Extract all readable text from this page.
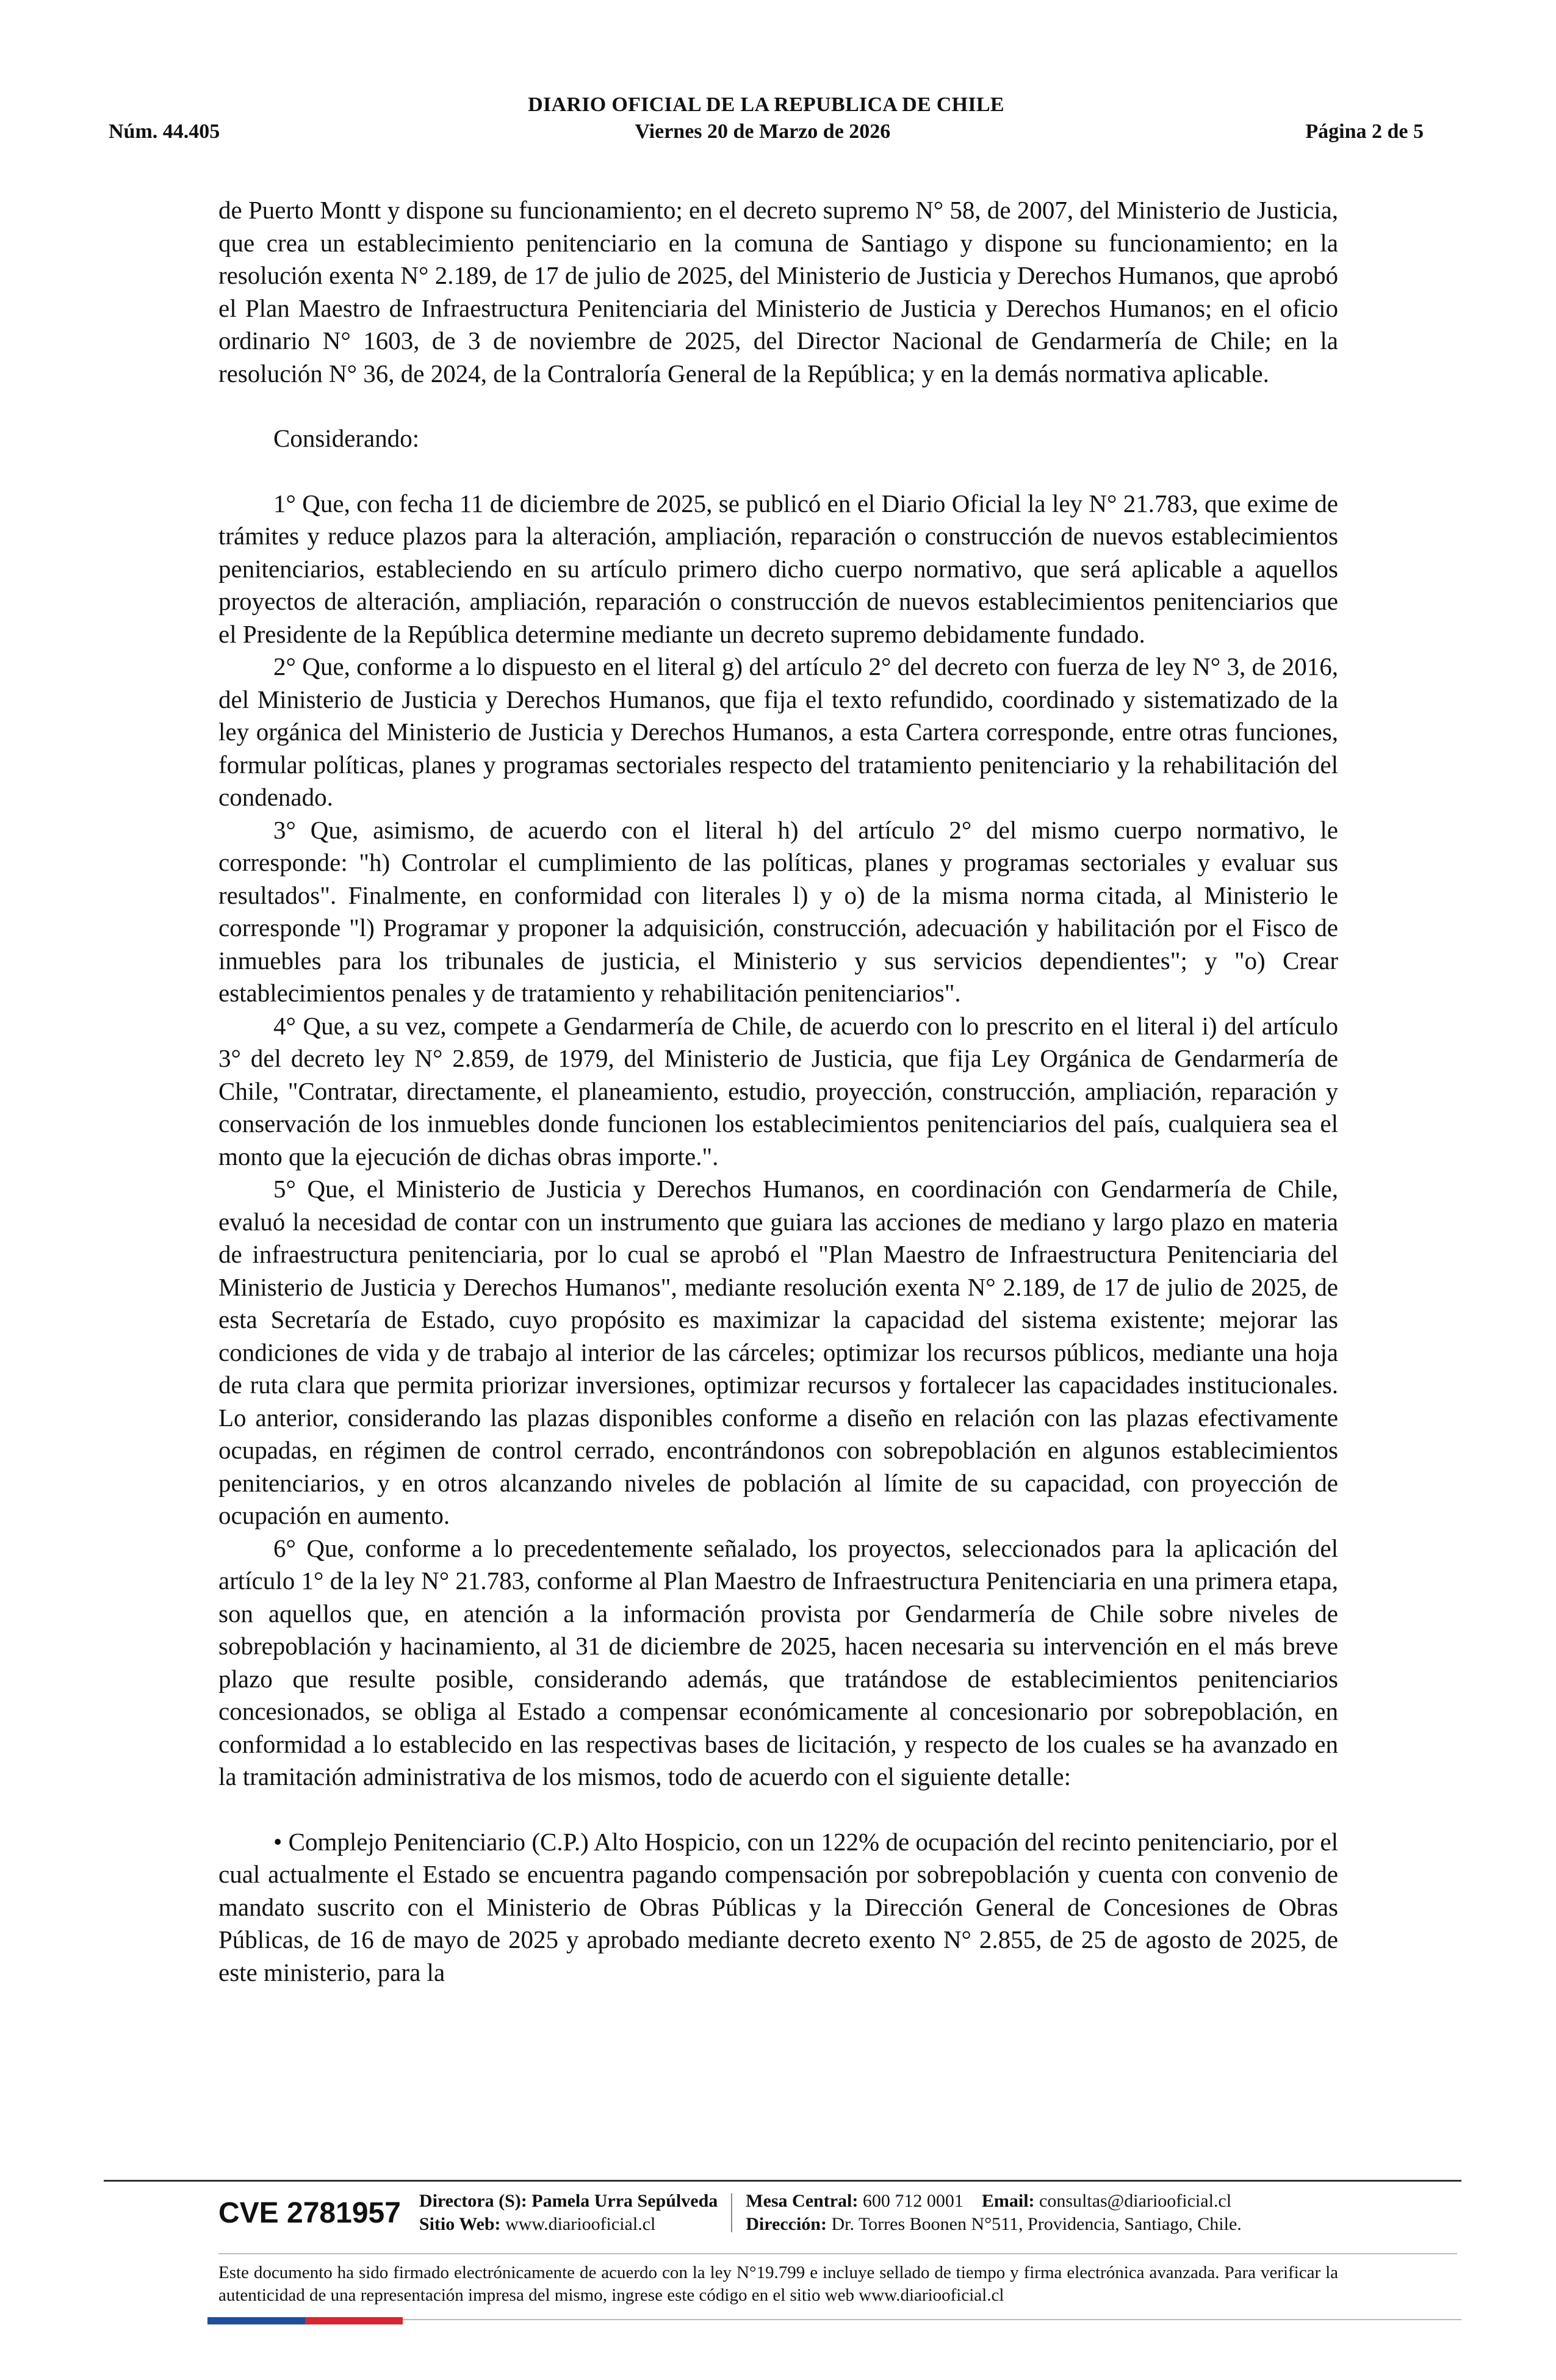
DIARIO OFICIAL DE LA REPUBLICA DE CHILE
Núm. 44.405	Viernes 20 de Marzo de 2026	Página 2 de 5

de Puerto Montt y dispone su funcionamiento; en el decreto supremo N° 58, de 2007, del Ministerio de Justicia, que crea un establecimiento penitenciario en la comuna de Santiago y dispone su funcionamiento; en la resolución exenta N° 2.189, de 17 de julio de 2025, del Ministerio de Justicia y Derechos Humanos, que aprobó el Plan Maestro de Infraestructura Penitenciaria del Ministerio de Justicia y Derechos Humanos; en el oficio ordinario N° 1603, de 3 de noviembre de 2025, del Director Nacional de Gendarmería de Chile; en la resolución N° 36, de 2024, de la Contraloría General de la República; y en la demás normativa aplicable.

Considerando:

1° Que, con fecha 11 de diciembre de 2025, se publicó en el Diario Oficial la ley N° 21.783, que exime de trámites y reduce plazos para la alteración, ampliación, reparación o construcción de nuevos establecimientos penitenciarios, estableciendo en su artículo primero dicho cuerpo normativo, que será aplicable a aquellos proyectos de alteración, ampliación, reparación o construcción de nuevos establecimientos penitenciarios que el Presidente de la República determine mediante un decreto supremo debidamente fundado.

2° Que, conforme a lo dispuesto en el literal g) del artículo 2° del decreto con fuerza de ley N° 3, de 2016, del Ministerio de Justicia y Derechos Humanos, que fija el texto refundido, coordinado y sistematizado de la ley orgánica del Ministerio de Justicia y Derechos Humanos, a esta Cartera corresponde, entre otras funciones, formular políticas, planes y programas sectoriales respecto del tratamiento penitenciario y la rehabilitación del condenado.

3° Que, asimismo, de acuerdo con el literal h) del artículo 2° del mismo cuerpo normativo, le corresponde: "h) Controlar el cumplimiento de las políticas, planes y programas sectoriales y evaluar sus resultados". Finalmente, en conformidad con literales l) y o) de la misma norma citada, al Ministerio le corresponde "l) Programar y proponer la adquisición, construcción, adecuación y habilitación por el Fisco de inmuebles para los tribunales de justicia, el Ministerio y sus servicios dependientes"; y "o) Crear establecimientos penales y de tratamiento y rehabilitación penitenciarios".

4° Que, a su vez, compete a Gendarmería de Chile, de acuerdo con lo prescrito en el literal i) del artículo 3° del decreto ley N° 2.859, de 1979, del Ministerio de Justicia, que fija Ley Orgánica de Gendarmería de Chile, "Contratar, directamente, el planeamiento, estudio, proyección, construcción, ampliación, reparación y conservación de los inmuebles donde funcionen los establecimientos penitenciarios del país, cualquiera sea el monto que la ejecución de dichas obras importe.".

5° Que, el Ministerio de Justicia y Derechos Humanos, en coordinación con Gendarmería de Chile, evaluó la necesidad de contar con un instrumento que guiara las acciones de mediano y largo plazo en materia de infraestructura penitenciaria, por lo cual se aprobó el "Plan Maestro de Infraestructura Penitenciaria del Ministerio de Justicia y Derechos Humanos", mediante resolución exenta N° 2.189, de 17 de julio de 2025, de esta Secretaría de Estado, cuyo propósito es maximizar la capacidad del sistema existente; mejorar las condiciones de vida y de trabajo al interior de las cárceles; optimizar los recursos públicos, mediante una hoja de ruta clara que permita priorizar inversiones, optimizar recursos y fortalecer las capacidades institucionales. Lo anterior, considerando las plazas disponibles conforme a diseño en relación con las plazas efectivamente ocupadas, en régimen de control cerrado, encontrándonos con sobrepoblación en algunos establecimientos penitenciarios, y en otros alcanzando niveles de población al límite de su capacidad, con proyección de ocupación en aumento.

6° Que, conforme a lo precedentemente señalado, los proyectos, seleccionados para la aplicación del artículo 1° de la ley N° 21.783, conforme al Plan Maestro de Infraestructura Penitenciaria en una primera etapa, son aquellos que, en atención a la información provista por Gendarmería de Chile sobre niveles de sobrepoblación y hacinamiento, al 31 de diciembre de 2025, hacen necesaria su intervención en el más breve plazo que resulte posible, considerando además, que tratándose de establecimientos penitenciarios concesionados, se obliga al Estado a compensar económicamente al concesionario por sobrepoblación, en conformidad a lo establecido en las respectivas bases de licitación, y respecto de los cuales se ha avanzado en la tramitación administrativa de los mismos, todo de acuerdo con el siguiente detalle:

• Complejo Penitenciario (C.P.) Alto Hospicio, con un 122% de ocupación del recinto penitenciario, por el cual actualmente el Estado se encuentra pagando compensación por sobrepoblación y cuenta con convenio de mandato suscrito con el Ministerio de Obras Públicas y la Dirección General de Concesiones de Obras Públicas, de 16 de mayo de 2025 y aprobado mediante decreto exento N° 2.855, de 25 de agosto de 2025, de este ministerio, para la

CVE 2781957 Directora (S): Pamela Urra Sepúlveda
Sitio Web: www.diariooficial.cl
Mesa Central: 600 712 0001 Email: consultas@diariooficial.cl
Dirección: Dr. Torres Boonen N°511, Providencia, Santiago, Chile.
Este documento ha sido firmado electrónicamente de acuerdo con la ley N°19.799 e incluye sellado de tiempo y firma electrónica avanzada. Para verificar la autenticidad de una representación impresa del mismo, ingrese este código en el sitio web www.diariooficial.cl
